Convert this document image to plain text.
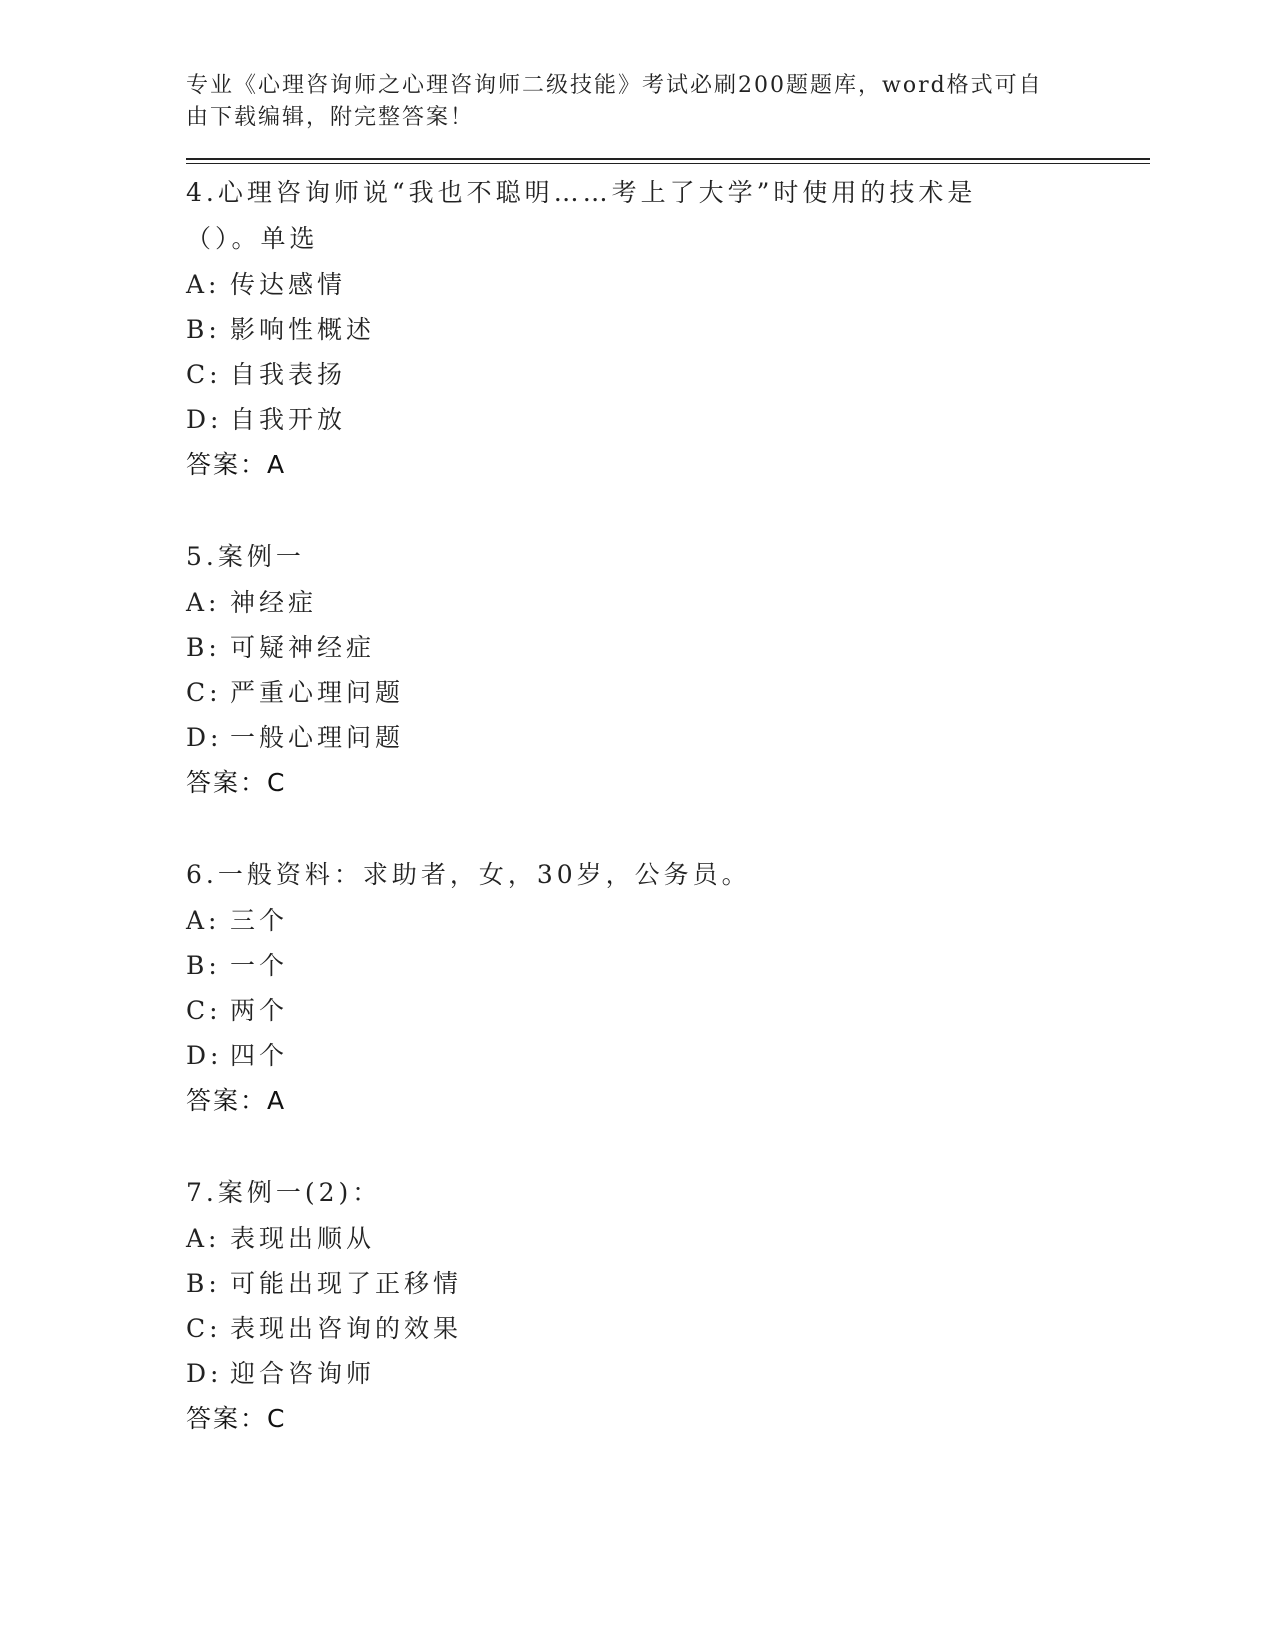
专业《心理咨询师之心理咨询师二级技能》考试必刷200题题库，word格式可自由下载编辑，附完整答案！
4.心理咨询师说“我也不聪明……考上了大学”时使用的技术是（）。单选
A: 传达感情
B: 影响性概述
C: 自我表扬
D: 自我开放
答案：A
5.案例一
A: 神经症
B: 可疑神经症
C: 严重心理问题
D: 一般心理问题
答案：C
6.一般资料：求助者，女，30岁，公务员。
A: 三个
B: 一个
C: 两个
D: 四个
答案：A
7.案例一(2)：
A: 表现出顺从
B: 可能出现了正移情
C: 表现出咨询的效果
D: 迎合咨询师
答案：C
